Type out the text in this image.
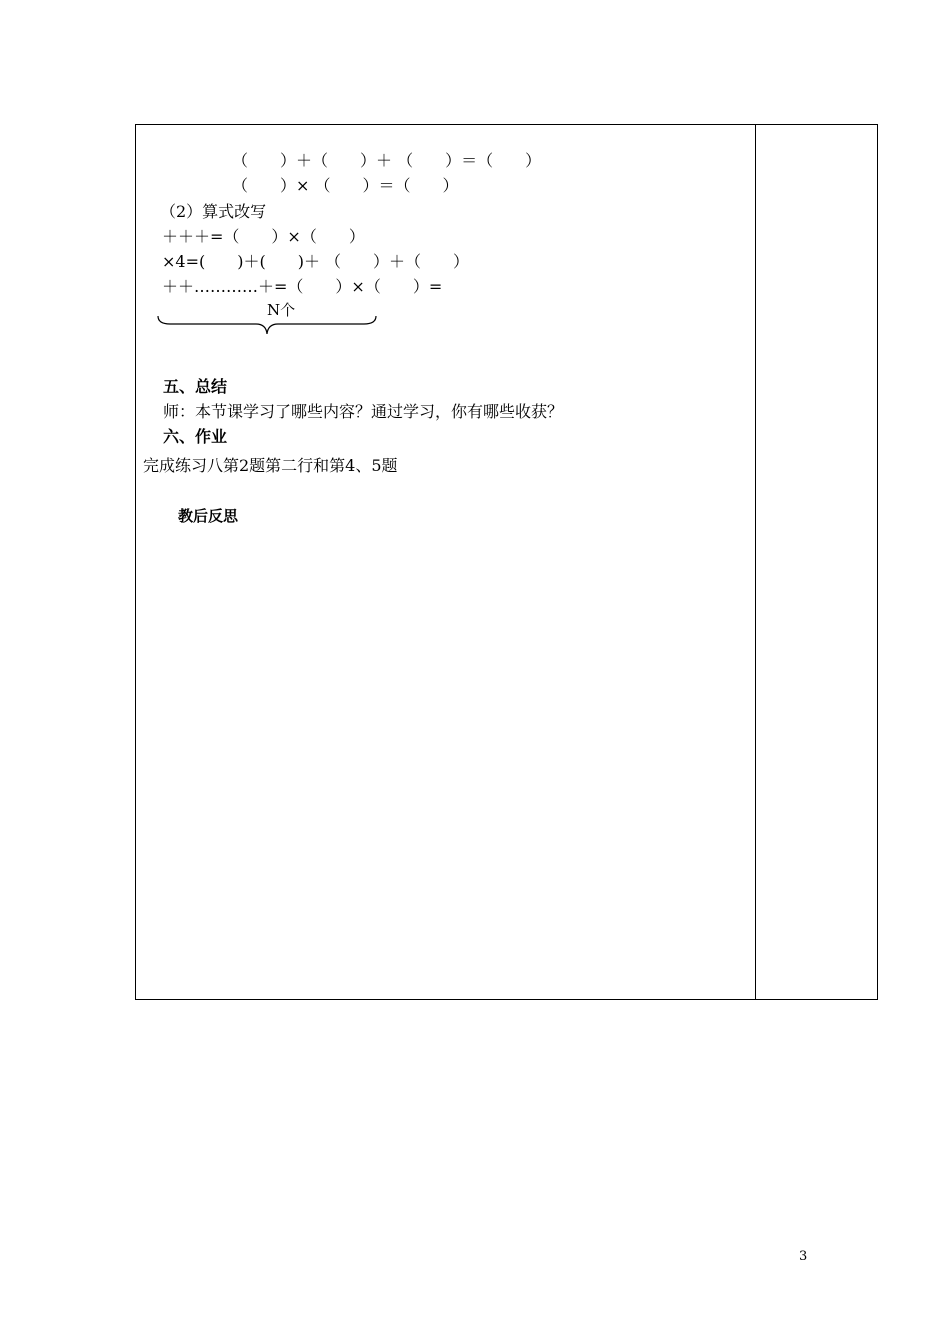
（　　）＋（　　）＋ （　　）＝（　　）
（　　）× （　　）＝（　　）
（2）算式改写
＋＋＋=（　　）×（　　）
×4=(　　)＋(　　)＋ （　　）＋（　　）
＋＋…………＋=（　　）×（　　）=
N个
五、总结
师：本节课学习了哪些内容？通过学习，你有哪些收获？
六、作业
完成练习八第2题第二行和第4、5题
教后反思
3
